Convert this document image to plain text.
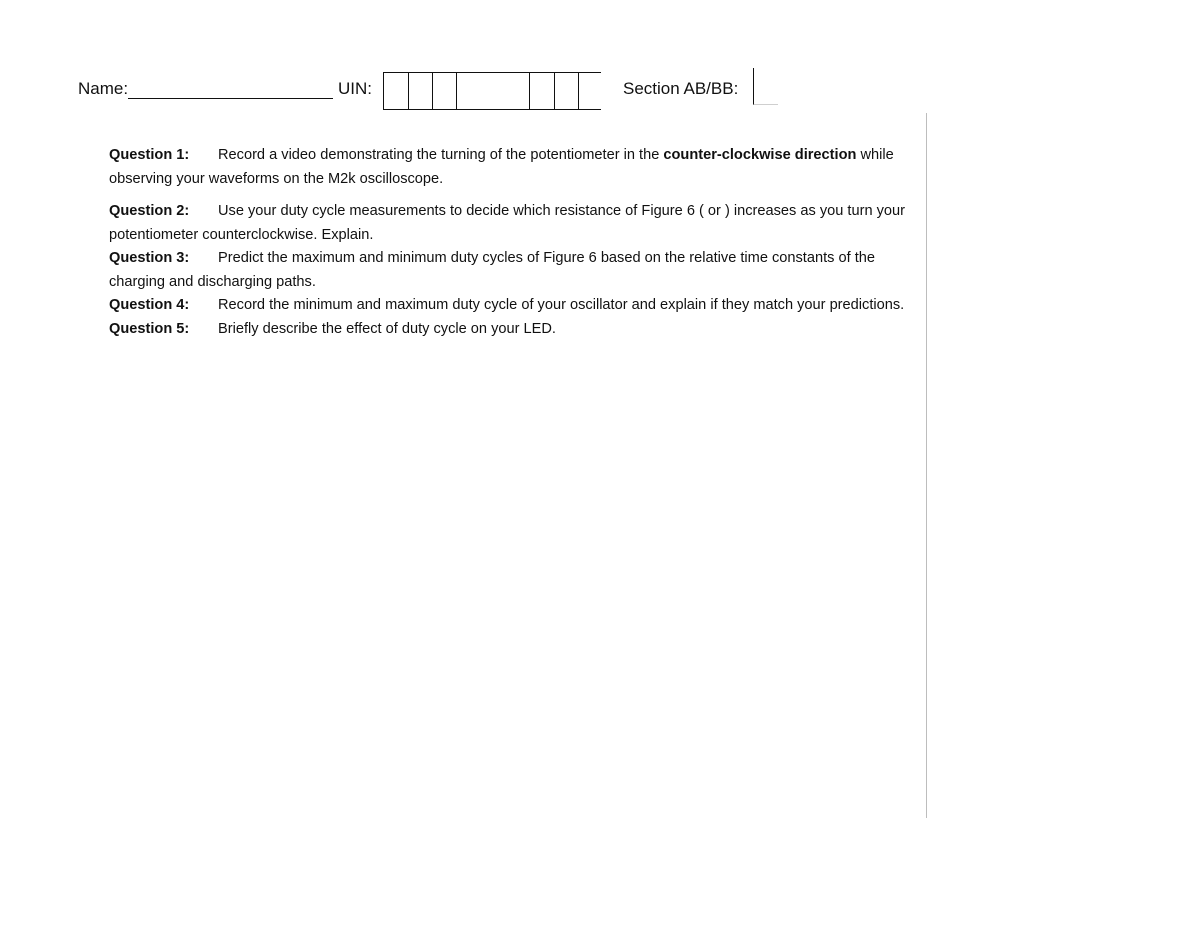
Name:	UIN:	Section AB/BB:

Question 1: Record a video demonstrating the turning of the potentiometer in the counter-clockwise direction while observing your waveforms on the M2k oscilloscope.

Question 2: Use your duty cycle measurements to decide which resistance of Figure 6 ( or ) increases as you turn your potentiometer counterclockwise. Explain.

Question 3: Predict the maximum and minimum duty cycles of Figure 6 based on the relative time constants of the charging and discharging paths.

Question 4: Record the minimum and maximum duty cycle of your oscillator and explain if they match your predictions.

Question 5: Briefly describe the effect of duty cycle on your LED.
